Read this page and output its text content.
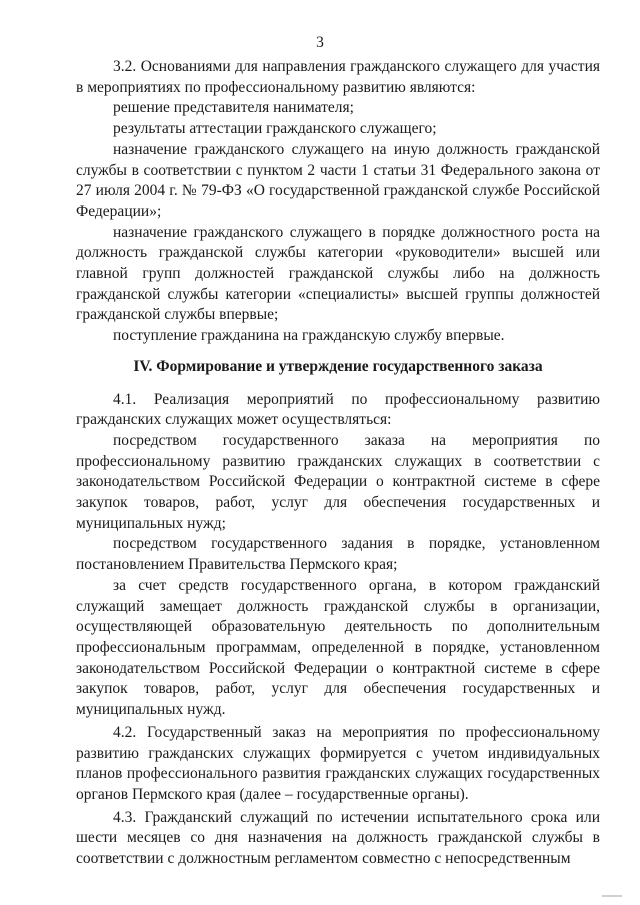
3

3.2. Основаниями для направления гражданского служащего для участия в мероприятиях по профессиональному развитию являются:

решение представителя нанимателя;

результаты аттестации гражданского служащего;

назначение гражданского служащего на иную должность гражданской службы в соответствии с пунктом 2 части 1 статьи 31 Федерального закона от 27 июля 2004 г. № 79-ФЗ «О государственной гражданской службе Российской Федерации»;

назначение гражданского служащего в порядке должностного роста на должность гражданской службы категории «руководители» высшей или главной групп должностей гражданской службы либо на должность гражданской службы категории «специалисты» высшей группы должностей гражданской службы впервые;

поступление гражданина на гражданскую службу впервые.

IV. Формирование и утверждение государственного заказа

4.1. Реализация мероприятий по профессиональному развитию гражданских служащих может осуществляться:

посредством государственного заказа на мероприятия по профессиональному развитию гражданских служащих в соответствии с законодательством Российской Федерации о контрактной системе в сфере закупок товаров, работ, услуг для обеспечения государственных и муниципальных нужд;

посредством государственного задания в порядке, установленном постановлением Правительства Пермского края;

за счет средств государственного органа, в котором гражданский служащий замещает должность гражданской службы в организации, осуществляющей образовательную деятельность по дополнительным профессиональным программам, определенной в порядке, установленном законодательством Российской Федерации о контрактной системе в сфере закупок товаров, работ, услуг для обеспечения государственных и муниципальных нужд.

4.2. Государственный заказ на мероприятия по профессиональному развитию гражданских служащих формируется с учетом индивидуальных планов профессионального развития гражданских служащих государственных органов Пермского края (далее – государственные органы).

4.3. Гражданский служащий по истечении испытательного срока или шести месяцев со дня назначения на должность гражданской службы в соответствии с должностным регламентом совместно с непосредственным
